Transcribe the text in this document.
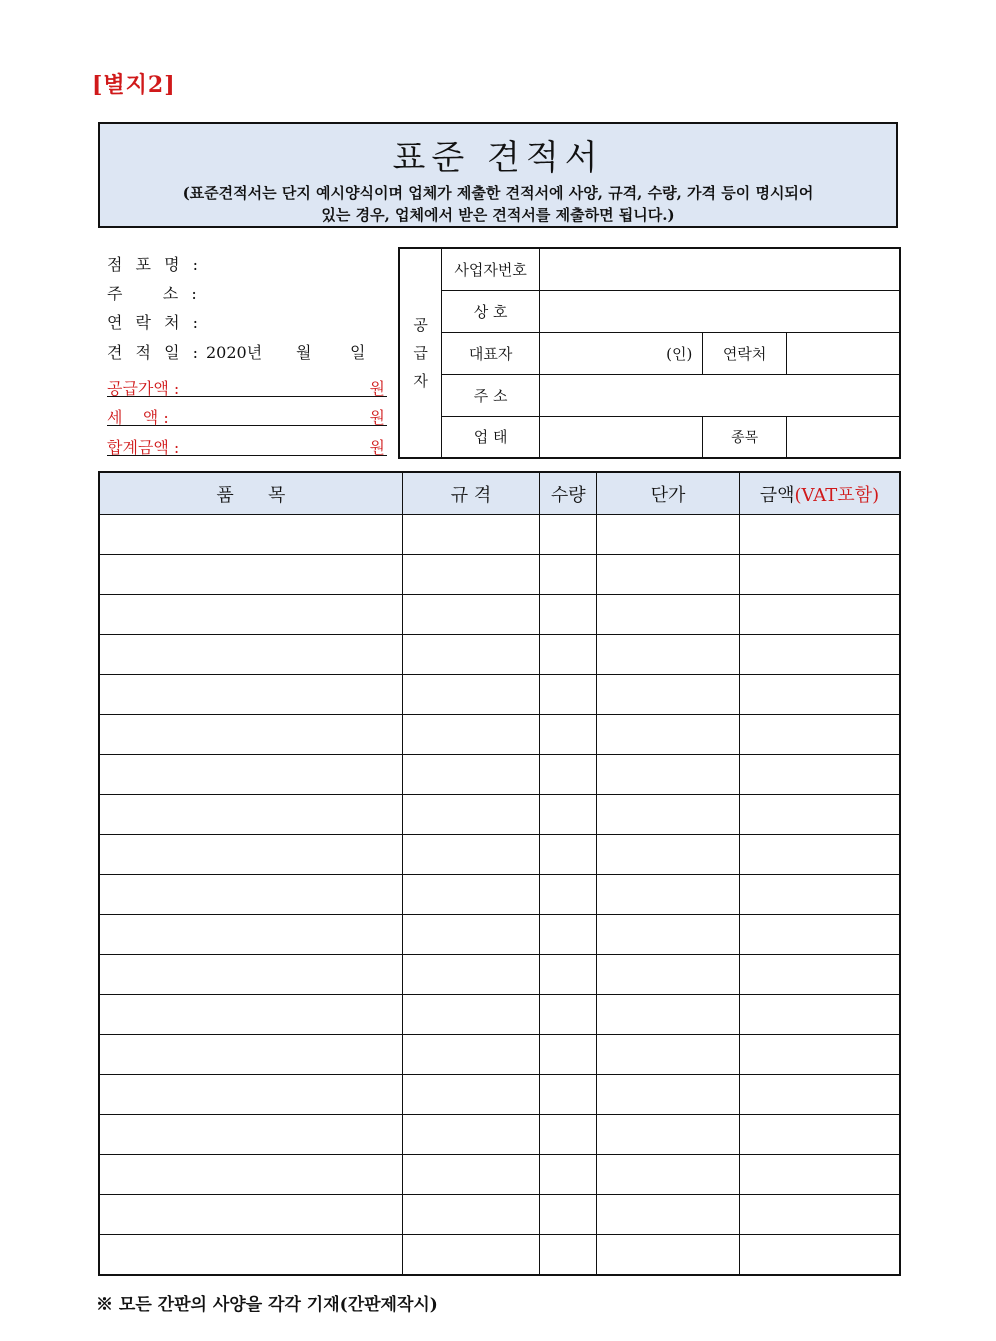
[별지2]
표준 견적서
(표준견적서는 단지 예시양식이며 업체가 제출한 견적서에 사양, 규격, 수량, 가격 등이 명시되어
있는 경우, 업체에서 받은 견적서를 제출하면 됩니다.)
점 포 명 :
주    소 :
연 락 처 :
견 적 일 : 2020년 월 일
공급가액 :	원
세    액 :	원
합계금액 :	원
공
급
자	사업자번호			
	상 호			
	대표자	(인)	연락처	
	주 소			
	업 태		종목	
품      목	규 격	수량	단가	금액(VAT포함)

※ 모든 간판의 사양을 각각 기재(간판제작시)
